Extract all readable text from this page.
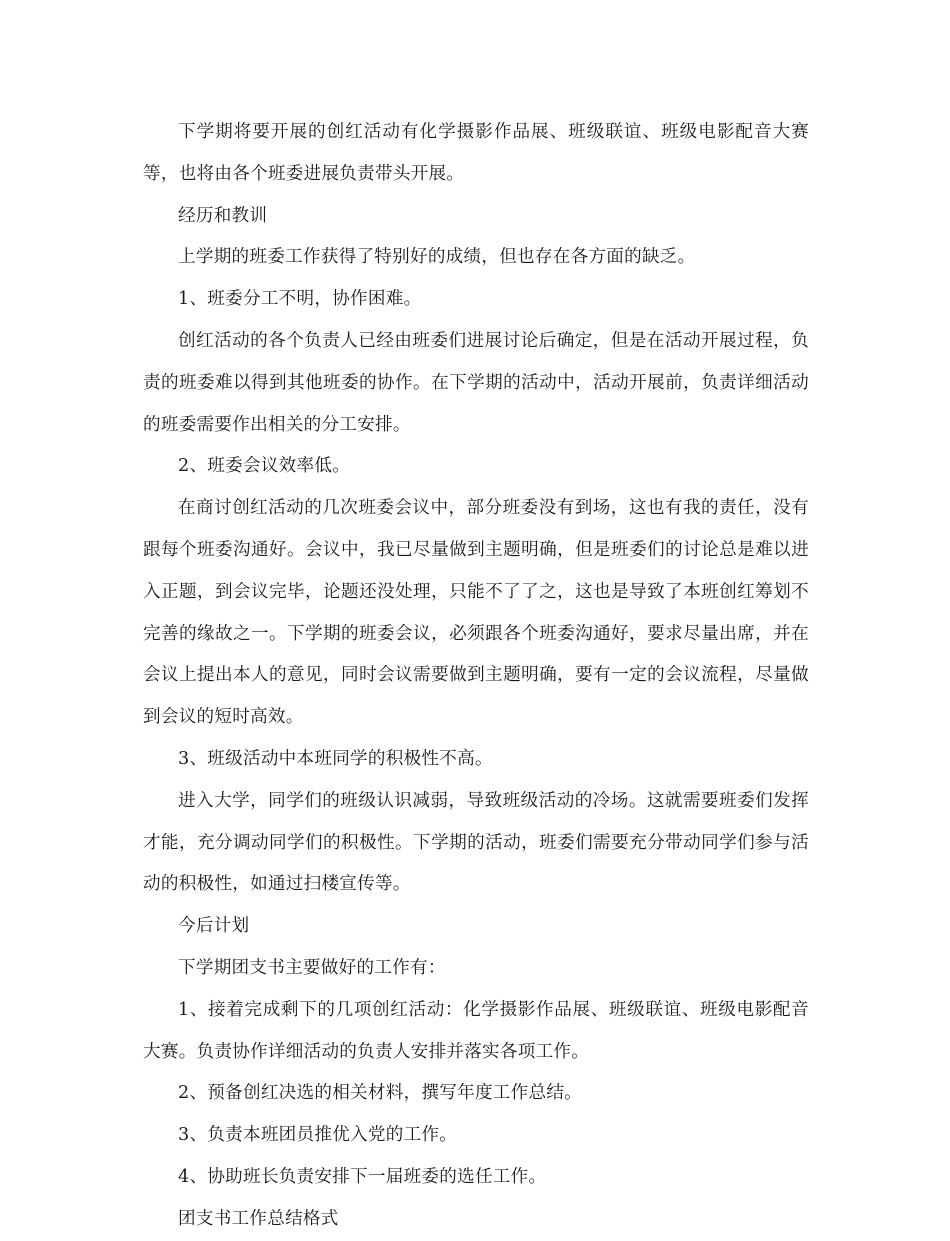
下学期将要开展的创红活动有化学摄影作品展、班级联谊、班级电影配音大赛等，也将由各个班委进展负责带头开展。

经历和教训

上学期的班委工作获得了特别好的成绩，但也存在各方面的缺乏。

1、班委分工不明，协作困难。

创红活动的各个负责人已经由班委们进展讨论后确定，但是在活动开展过程，负责的班委难以得到其他班委的协作。在下学期的活动中，活动开展前，负责详细活动的班委需要作出相关的分工安排。

2、班委会议效率低。

在商讨创红活动的几次班委会议中，部分班委没有到场，这也有我的责任，没有跟每个班委沟通好。会议中，我已尽量做到主题明确，但是班委们的讨论总是难以进入正题，到会议完毕，论题还没处理，只能不了了之，这也是导致了本班创红筹划不完善的缘故之一。下学期的班委会议，必须跟各个班委沟通好，要求尽量出席，并在会议上提出本人的意见，同时会议需要做到主题明确，要有一定的会议流程，尽量做到会议的短时高效。

3、班级活动中本班同学的积极性不高。

进入大学，同学们的班级认识减弱，导致班级活动的冷场。这就需要班委们发挥才能，充分调动同学们的积极性。下学期的活动，班委们需要充分带动同学们参与活动的积极性，如通过扫楼宣传等。

今后计划

下学期团支书主要做好的工作有：

1、接着完成剩下的几项创红活动：化学摄影作品展、班级联谊、班级电影配音大赛。负责协作详细活动的负责人安排并落实各项工作。

2、预备创红决选的相关材料，撰写年度工作总结。

3、负责本班团员推优入党的工作。

4、协助班长负责安排下一届班委的选任工作。

团支书工作总结格式
